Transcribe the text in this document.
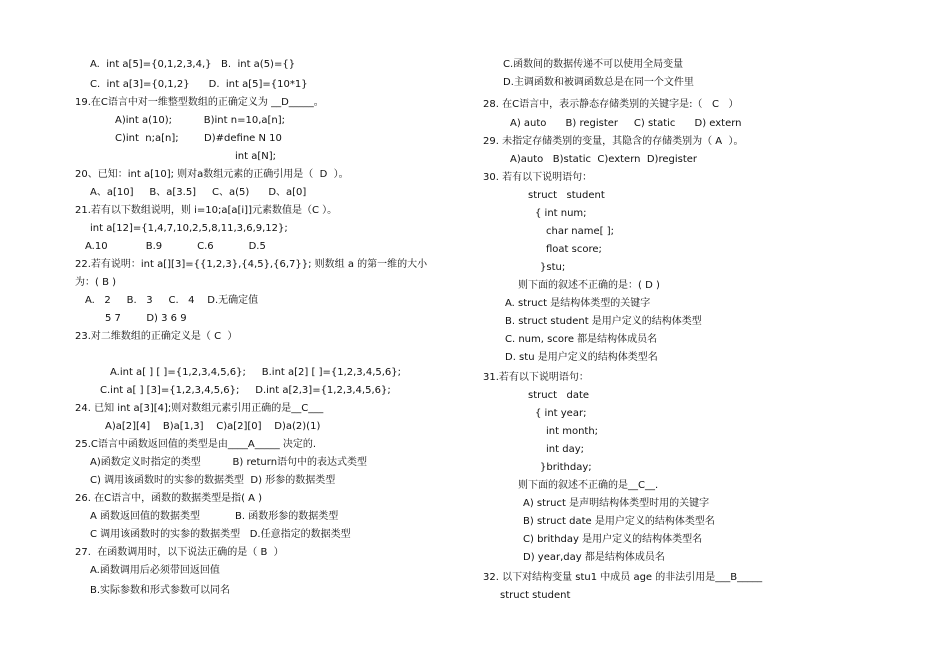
A.  int a[5]={0,1,2,3,4,}   B.  int a(5)={}
C.  int a[3]={0,1,2}      D.  int a[5]={10*1}
19.在C语言中对一维整型数组的正确定义为 __D_____。
A)int a(10);          B)int n=10,a[n];
C)int  n;a[n];        D)#define N 10
int a[N];
20、已知：int a[10]; 则对a数组元素的正确引用是（  D  ）。
A、a[10]     B、a[3.5]     C、a(5)      D、a[0]
21.若有以下数组说明，则 i=10;a[a[i]]元素数值是（C ）。
int a[12]={1,4,7,10,2,5,8,11,3,6,9,12};
A.10            B.9           C.6           D.5
22.若有说明：int a[][3]={{1,2,3},{4,5},{6,7}}; 则数组 a 的第一维的大小
为：( B )
A.   2     B.   3     C.   4    D.无确定值
5 7        D) 3 6 9
23.对二维数组的正确定义是（ C  ）
A.int a[ ] [ ]={1,2,3,4,5,6};     B.int a[2] [ ]={1,2,3,4,5,6};
C.int a[ ] [3]={1,2,3,4,5,6};     D.int a[2,3]={1,2,3,4,5,6};
24. 已知 int a[3][4];则对数组元素引用正确的是__C___
A)a[2][4]    B)a[1,3]    C)a[2][0]    D)a(2)(1)
25.C语言中函数返回值的类型是由____A_____ 决定的.
A)函数定义时指定的类型          B) return语句中的表达式类型
C) 调用该函数时的实参的数据类型  D) 形参的数据类型
26. 在C语言中，函数的数据类型是指( A )
A 函数返回值的数据类型           B. 函数形参的数据类型
C 调用该函数时的实参的数据类型   D.任意指定的数据类型
27.  在函数调用时，以下说法正确的是（ B  ）
A.函数调用后必须带回返回值
B.实际参数和形式参数可以同名
C.函数间的数据传递不可以使用全局变量
D.主调函数和被调函数总是在同一个文件里
28. 在C语言中，表示静态存储类别的关键字是:（   C   ）
A) auto      B) register     C) static      D) extern
29. 未指定存储类别的变量，其隐含的存储类别为（ A  ）。
A)auto   B)static  C)extern  D)register
30. 若有以下说明语句：
struct   student
{ int num;
char name[ ];
float score;
}stu;
则下面的叙述不正确的是：( D )
A. struct 是结构体类型的关键字
B. struct student 是用户定义的结构体类型
C. num, score 都是结构体成员名
D. stu 是用户定义的结构体类型名
31.若有以下说明语句：
struct   date
{ int year;
int month;
int day;
}brithday;
则下面的叙述不正确的是__C__.
A) struct 是声明结构体类型时用的关键字
B) struct date 是用户定义的结构体类型名
C) brithday 是用户定义的结构体类型名
D) year,day 都是结构体成员名
32. 以下对结构变量 stu1 中成员 age 的非法引用是___B_____
struct student
